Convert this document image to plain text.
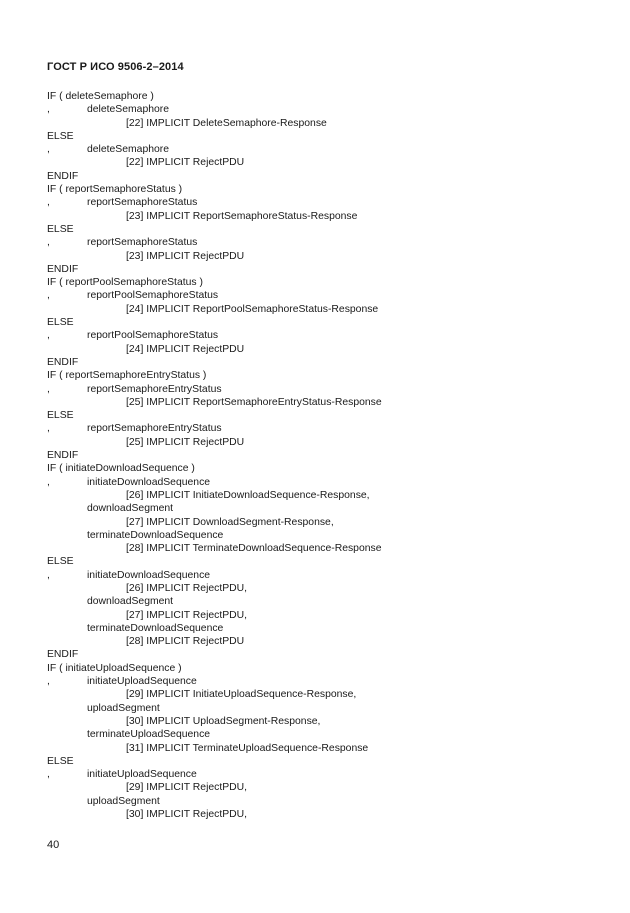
ГОСТ Р ИСО 9506-2–2014
IF ( deleteSemaphore )
,	deleteSemaphore
[22] IMPLICIT DeleteSemaphore-Response
ELSE
,	deleteSemaphore
[22] IMPLICIT RejectPDU
ENDIF
IF ( reportSemaphoreStatus )
,	reportSemaphoreStatus
[23] IMPLICIT ReportSemaphoreStatus-Response
ELSE
,	reportSemaphoreStatus
[23] IMPLICIT RejectPDU
ENDIF
IF ( reportPoolSemaphoreStatus )
,	reportPoolSemaphoreStatus
[24] IMPLICIT ReportPoolSemaphoreStatus-Response
ELSE
,	reportPoolSemaphoreStatus
[24] IMPLICIT RejectPDU
ENDIF
IF ( reportSemaphoreEntryStatus )
,	reportSemaphoreEntryStatus
[25] IMPLICIT ReportSemaphoreEntryStatus-Response
ELSE
,	reportSemaphoreEntryStatus
[25] IMPLICIT RejectPDU
ENDIF
IF ( initiateDownloadSequence )
,	initiateDownloadSequence
[26] IMPLICIT InitiateDownloadSequence-Response,
downloadSegment
[27] IMPLICIT DownloadSegment-Response,
terminateDownloadSequence
[28] IMPLICIT TerminateDownloadSequence-Response
ELSE
,	initiateDownloadSequence
[26] IMPLICIT RejectPDU,
downloadSegment
[27] IMPLICIT RejectPDU,
terminateDownloadSequence
[28] IMPLICIT RejectPDU
ENDIF
IF ( initiateUploadSequence )
,	initiateUploadSequence
[29] IMPLICIT InitiateUploadSequence-Response,
uploadSegment
[30] IMPLICIT UploadSegment-Response,
terminateUploadSequence
[31] IMPLICIT TerminateUploadSequence-Response
ELSE
,	initiateUploadSequence
[29] IMPLICIT RejectPDU,
uploadSegment
[30] IMPLICIT RejectPDU,
40
